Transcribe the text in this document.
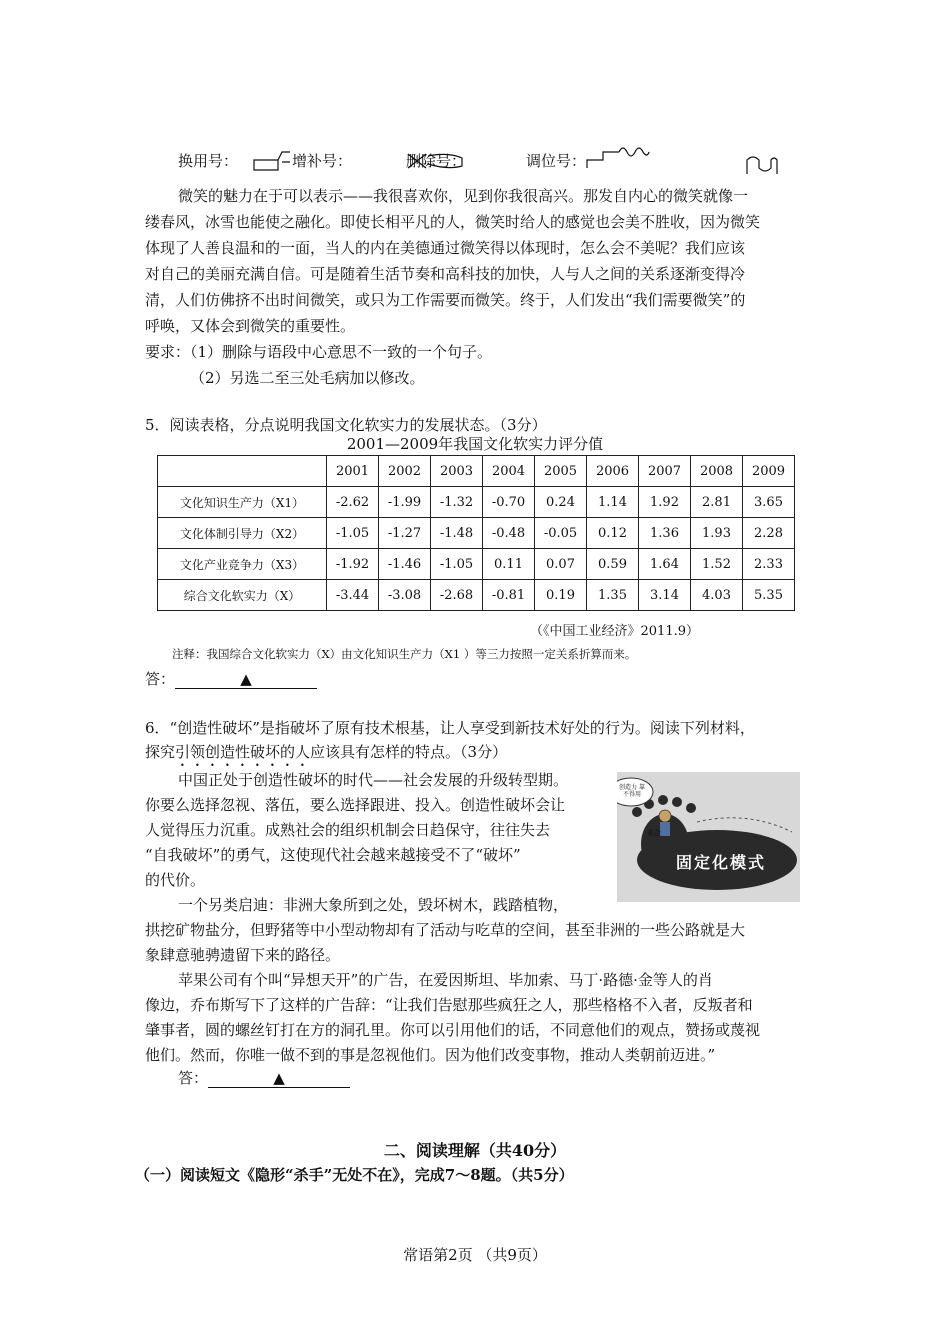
换用号：	增补号：	删除号：	调位号：
微笑的魅力在于可以表示——我很喜欢你，见到你我很高兴。那发自内心的微笑就像一
缕春风，冰雪也能使之融化。即使长相平凡的人，微笑时给人的感觉也会美不胜收，因为微笑
体现了人善良温和的一面，当人的内在美德通过微笑得以体现时，怎么会不美呢？我们应该
对自己的美丽充满自信。可是随着生活节奏和高科技的加快，人与人之间的关系逐渐变得冷
清，人们仿佛挤不出时间微笑，或只为工作需要而微笑。终于，人们发出“我们需要微笑”的
呼唤，又体会到微笑的重要性。
要求：（1）删除与语段中心意思不一致的一个句子。
（2）另选二至三处毛病加以修改。
5．阅读表格，分点说明我国文化软实力的发展状态。（3分）
2001—2009年我国文化软实力评分值
	2001	2002	2003	2004	2005	2006	2007	2008	2009
文化知识生产力（X1）	-2.62	-1.99	-1.32	-0.70	0.24	1.14	1.92	2.81	3.65
文化体制引导力（X2）	-1.05	-1.27	-1.48	-0.48	-0.05	0.12	1.36	1.93	2.28
文化产业竞争力（X3）	-1.92	-1.46	-1.05	0.11	0.07	0.59	1.64	1.52	2.33
综合文化软实力（X）	-3.44	-3.08	-2.68	-0.81	0.19	1.35	3.14	4.03	5.35
（《中国工业经济》2011.9）
注释：我国综合文化软实力（X）由文化知识生产力（X1 ）等三力按照一定关系折算而来。
答：	▲
6．“创造性破坏”是指破坏了原有技术根基，让人享受到新技术好处的行为。阅读下列材料，
探究引领创造性破坏的人应该具有怎样的特点。（3分）
中国正处于创造性破坏的时代——社会发展的升级转型期。
你要么选择忽视、落伍，要么选择跟进、投入。创造性破坏会让
人觉得压力沉重。成熟社会的组织机制会日趋保守，往往失去
“自我破坏”的勇气，这使现代社会越来越接受不了“破坏”
的代价。
一个另类启迪：非洲大象所到之处，毁坏树木，践踏植物，
拱挖矿物盐分，但野猪等中小型动物却有了活动与吃草的空间，甚至非洲的一些公路就是大
象肆意驰骋遗留下来的路径。
苹果公司有个叫“异想天开”的广告，在爱因斯坦、毕加索、马丁·路德·金等人的肖
像边，乔布斯写下了这样的广告辞：“让我们告慰那些疯狂之人，那些格格不入者，反叛者和
肇事者，圆的螺丝钉打在方的洞孔里。你可以引用他们的话，不同意他们的观点，赞扬或蔑视
他们。然而，你唯一做不到的事是忽视他们。因为他们改变事物，推动人类朝前迈进。”
固定化模式
创造力 靠不得用
某企
答：	▲
二、阅读理解（共40分）
（一）阅读短文《隐形“杀手”无处不在》，完成7～8题。（共5分）
常语第2页 （共9页）
